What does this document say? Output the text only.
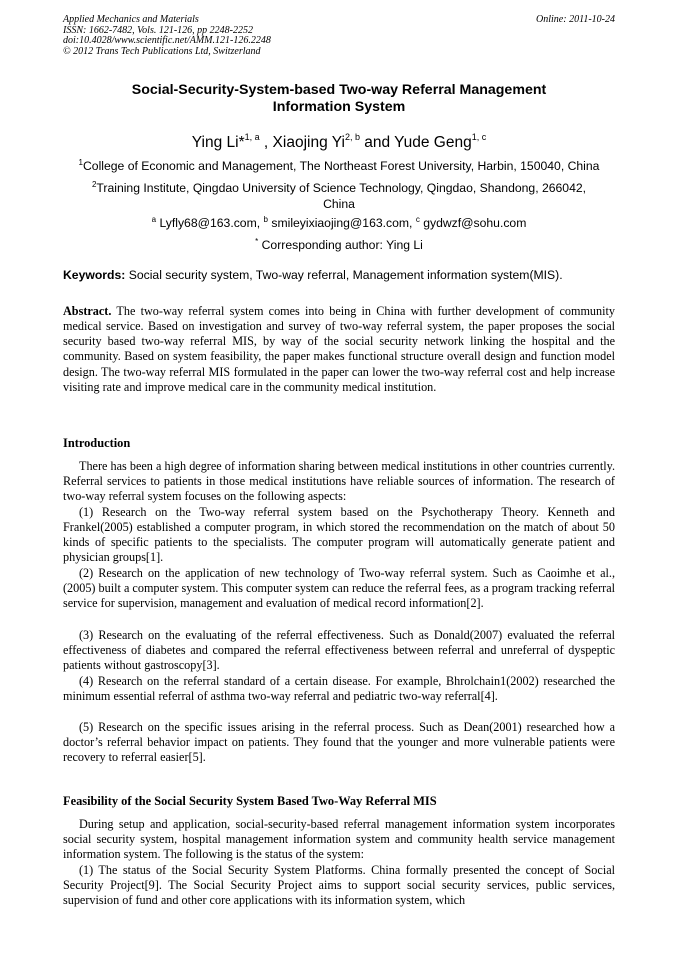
Applied Mechanics and Materials	Online: 2011-10-24
ISSN: 1662-7482, Vols. 121-126, pp 2248-2252
doi:10.4028/www.scientific.net/AMM.121-126.2248
© 2012 Trans Tech Publications Ltd, Switzerland
Social-Security-System-based Two-way Referral Management
Information System
Ying Li*$^{1, a}$ , Xiaojing Yi$^{2, b}$ and Yude Geng$^{1, c}$
$^1$College of Economic and Management, The Northeast Forest University, Harbin, 150040, China
$^2$Training Institute, Qingdao University of Science Technology, Qingdao, Shandong, 266042,
China
$^a$ Lyfly68@163.com, $^b$ smileyixiaojing@163.com, $^c$ gydwzf@sohu.com
* Corresponding author: Ying Li
Keywords: Social security system, Two-way referral, Management information system(MIS).
Abstract. The two-way referral system comes into being in China with further development of community medical service. Based on investigation and survey of two-way referral system, the paper proposes the social security based two-way referral MIS, by way of the social security network linking the hospital and the community. Based on system feasibility, the paper makes functional structure overall design and function model design. The two-way referral MIS formulated in the paper can lower the two-way referral cost and help increase visiting rate and improve medical care in the community medical institution.
Introduction
There has been a high degree of information sharing between medical institutions in other countries currently. Referral services to patients in those medical institutions have reliable sources of information. The research of two-way referral system focuses on the following aspects:
(1) Research on the Two-way referral system based on the Psychotherapy Theory. Kenneth and Frankel(2005) established a computer program, in which stored the recommendation on the match of about 50 kinds of specific patients to the specialists. The computer program will automatically generate patient and physician groups[1].
(2) Research on the application of new technology of Two-way referral system. Such as Caoimhe et al.,(2005) built a computer system. This computer system can reduce the referral fees, as a program tracking referral service for supervision, management and evaluation of medical record information[2].
(3) Research on the evaluating of the referral effectiveness. Such as Donald(2007) evaluated the referral effectiveness of diabetes and compared the referral effectiveness between referral and unreferral of dyspeptic patients without gastroscopy[3].
(4) Research on the referral standard of a certain disease. For example, Bhrolchain1(2002) researched the minimum essential referral of asthma two-way referral and pediatric two-way referral[4].
(5) Research on the specific issues arising in the referral process. Such as Dean(2001) researched how a doctor’s referral behavior impact on patients. They found that the younger and more vulnerable patients were recovery to referral easier[5].
Feasibility of the Social Security System Based Two-Way Referral MIS
During setup and application, social-security-based referral management information system incorporates social security system, hospital management information system and community health service management information system. The following is the status of the system:
(1) The status of the Social Security System Platforms. China formally presented the concept of Social Security Project[9]. The Social Security Project aims to support social security services, public services, supervision of fund and other core applications with its information system, which
